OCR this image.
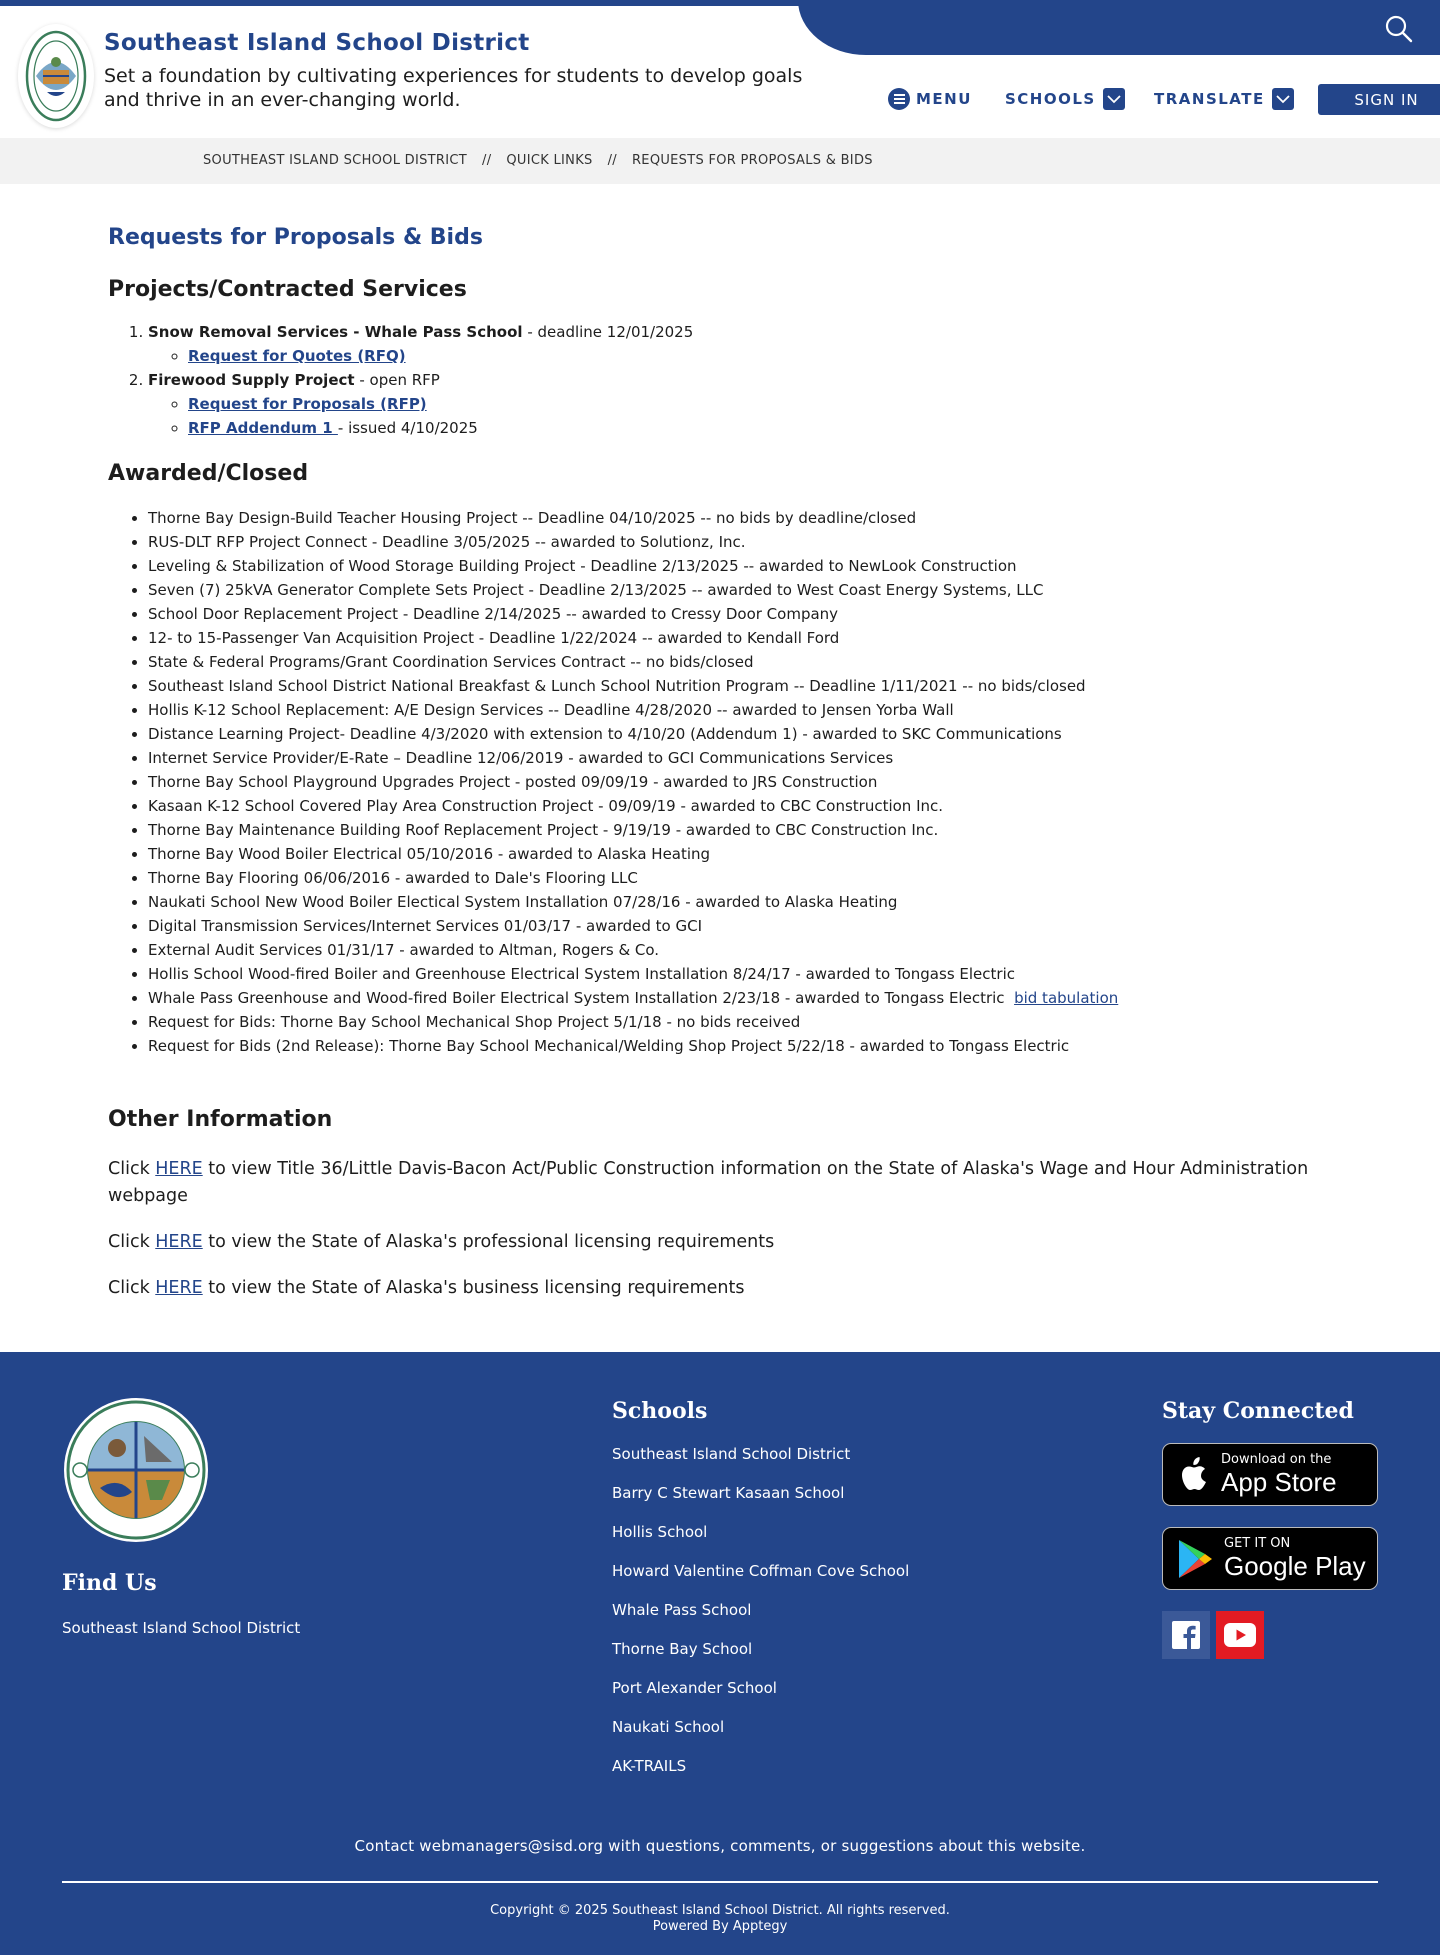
Southeast Island School District
Set a foundation by cultivating experiences for students to develop goals and thrive in an ever-changing world.	MENU SCHOOLS	TRANSLATE	SIGN IN
SOUTHEAST ISLAND SCHOOL DISTRICT // QUICK LINKS // REQUESTS FOR PROPOSALS & BIDS
Requests for Proposals & Bids
Projects/Contracted Services
1. Snow Removal Services - Whale Pass School - deadline 12/01/2025
◦ Request for Quotes (RFQ)
2. Firewood Supply Project - open RFP
◦ Request for Proposals (RFP)
◦ RFP Addendum 1 - issued 4/10/2025
Awarded/Closed
• Thorne Bay Design-Build Teacher Housing Project -- Deadline 04/10/2025 -- no bids by deadline/closed
• RUS-DLT RFP Project Connect - Deadline 3/05/2025 -- awarded to Solutionz, Inc.
• Leveling & Stabilization of Wood Storage Building Project - Deadline 2/13/2025 -- awarded to NewLook Construction
• Seven (7) 25kVA Generator Complete Sets Project - Deadline 2/13/2025 -- awarded to West Coast Energy Systems, LLC
• School Door Replacement Project - Deadline 2/14/2025 -- awarded to Cressy Door Company
• 12- to 15-Passenger Van Acquisition Project - Deadline 1/22/2024 -- awarded to Kendall Ford
• State & Federal Programs/Grant Coordination Services Contract -- no bids/closed
• Southeast Island School District National Breakfast & Lunch School Nutrition Program -- Deadline 1/11/2021 -- no bids/closed
• Hollis K-12 School Replacement: A/E Design Services -- Deadline 4/28/2020 -- awarded to Jensen Yorba Wall
• Distance Learning Project- Deadline 4/3/2020 with extension to 4/10/20 (Addendum 1) - awarded to SKC Communications
• Internet Service Provider/E-Rate – Deadline 12/06/2019 - awarded to GCI Communications Services
• Thorne Bay School Playground Upgrades Project - posted 09/09/19 - awarded to JRS Construction
• Kasaan K-12 School Covered Play Area Construction Project - 09/09/19 - awarded to CBC Construction Inc.
• Thorne Bay Maintenance Building Roof Replacement Project - 9/19/19 - awarded to CBC Construction Inc.
• Thorne Bay Wood Boiler Electrical 05/10/2016 - awarded to Alaska Heating
• Thorne Bay Flooring 06/06/2016 - awarded to Dale's Flooring LLC
• Naukati School New Wood Boiler Electical System Installation 07/28/16 - awarded to Alaska Heating
• Digital Transmission Services/Internet Services 01/03/17 - awarded to GCI
• External Audit Services 01/31/17 - awarded to Altman, Rogers & Co.
• Hollis School Wood-fired Boiler and Greenhouse Electrical System Installation 8/24/17 - awarded to Tongass Electric
• Whale Pass Greenhouse and Wood-fired Boiler Electrical System Installation 2/23/18 - awarded to Tongass Electric  bid tabulation
• Request for Bids: Thorne Bay School Mechanical Shop Project 5/1/18 - no bids received
• Request for Bids (2nd Release): Thorne Bay School Mechanical/Welding Shop Project 5/22/18 - awarded to Tongass Electric
Other Information

Click HERE to view Title 36/Little Davis-Bacon Act/Public Construction information on the State of Alaska's Wage and Hour Administration webpage

Click HERE to view the State of Alaska's professional licensing requirements

Click HERE to view the State of Alaska's business licensing requirements

Find Us
Southeast Island School District
Schools
Southeast Island School District
Barry C Stewart Kasaan School
Hollis School
Howard Valentine Coffman Cove School
Whale Pass School
Thorne Bay School
Port Alexander School
Naukati School
AK-TRAILS
Stay Connected
Download on the
App Store
GET IT ON
Google Play
Contact webmanagers@sisd.org with questions, comments, or suggestions about this website.
Copyright © 2025 Southeast Island School District. All rights reserved.
Powered By Apptegy
